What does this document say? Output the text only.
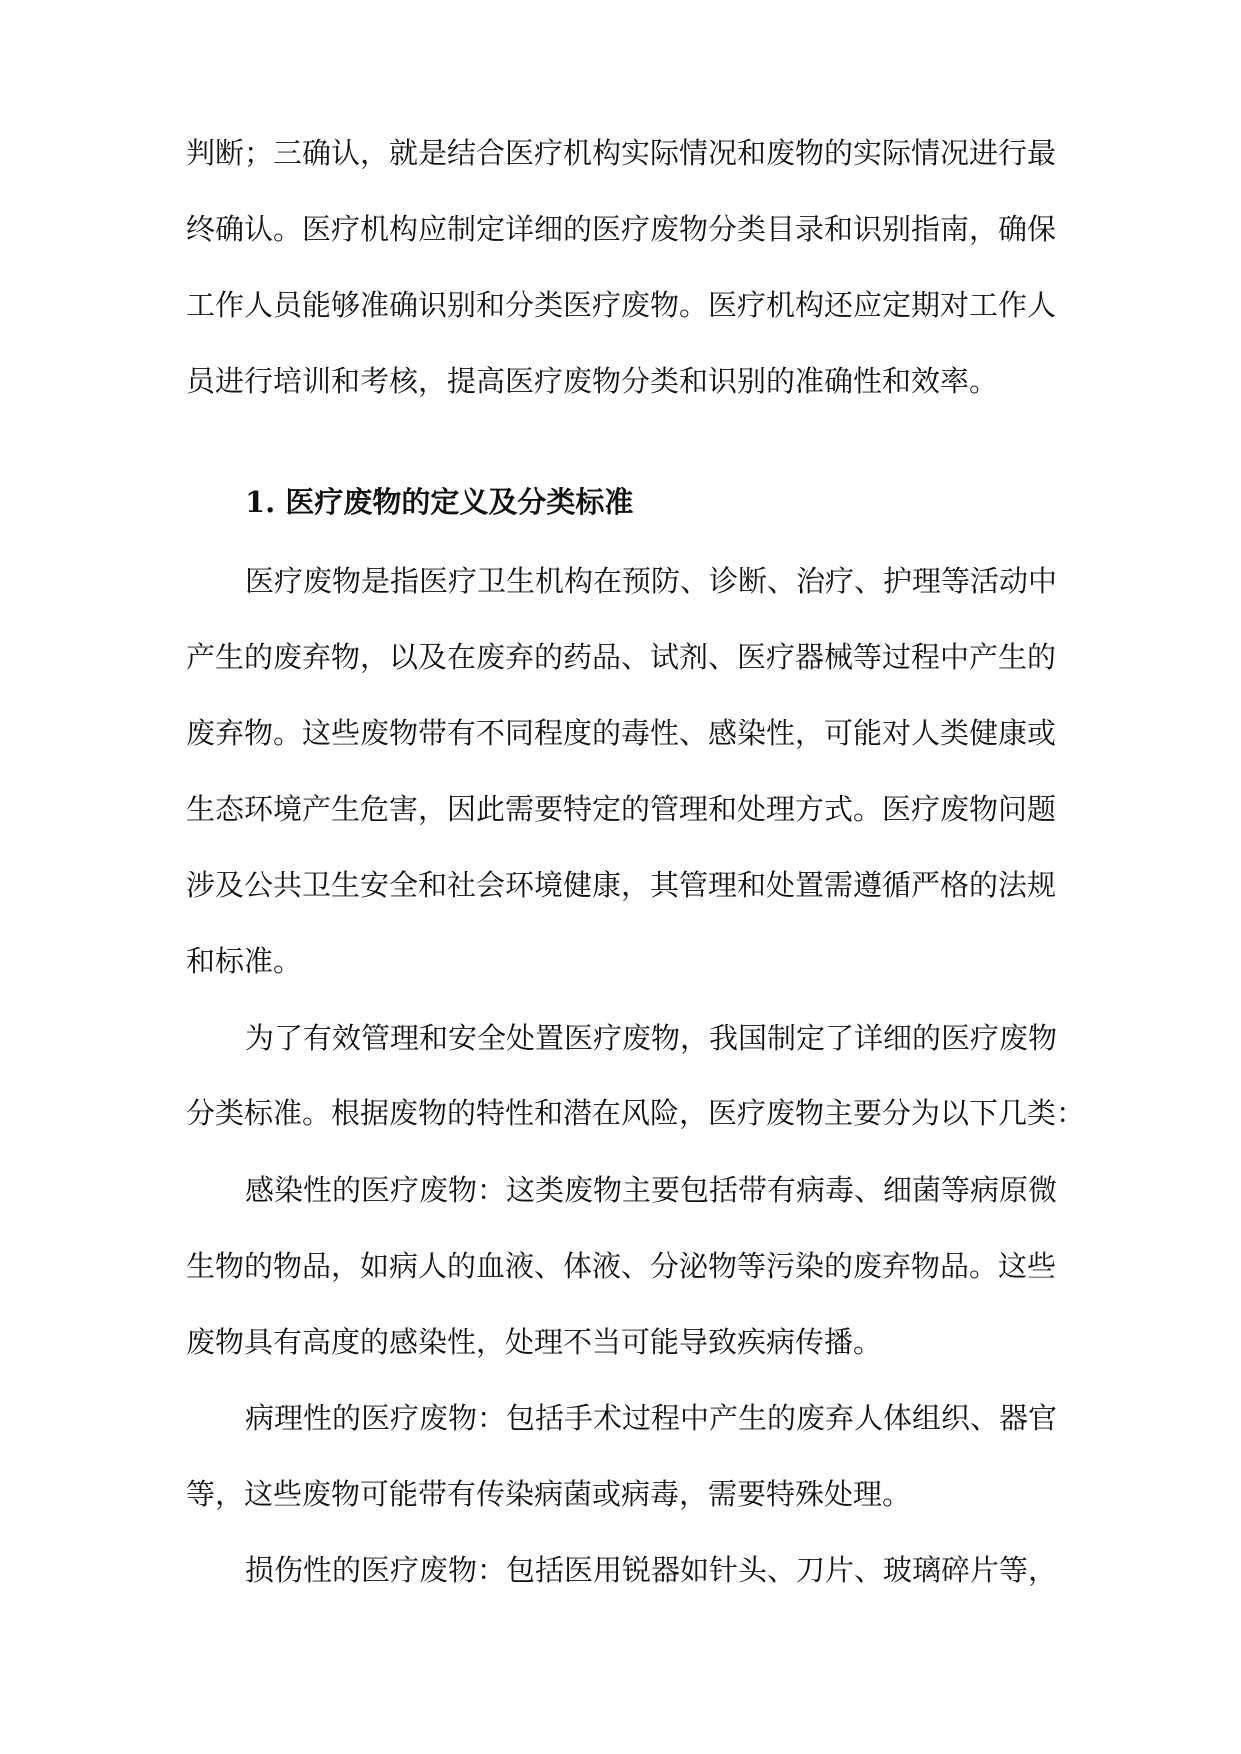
判断；三确认，就是结合医疗机构实际情况和废物的实际情况进行最
终确认。医疗机构应制定详细的医疗废物分类目录和识别指南，确保
工作人员能够准确识别和分类医疗废物。医疗机构还应定期对工作人
员进行培训和考核，提高医疗废物分类和识别的准确性和效率。
1. 医疗废物的定义及分类标准
医疗废物是指医疗卫生机构在预防、诊断、治疗、护理等活动中
产生的废弃物，以及在废弃的药品、试剂、医疗器械等过程中产生的
废弃物。这些废物带有不同程度的毒性、感染性，可能对人类健康或
生态环境产生危害，因此需要特定的管理和处理方式。医疗废物问题
涉及公共卫生安全和社会环境健康，其管理和处置需遵循严格的法规
和标准。
为了有效管理和安全处置医疗废物，我国制定了详细的医疗废物
分类标准。根据废物的特性和潜在风险，医疗废物主要分为以下几类：
感染性的医疗废物：这类废物主要包括带有病毒、细菌等病原微
生物的物品，如病人的血液、体液、分泌物等污染的废弃物品。这些
废物具有高度的感染性，处理不当可能导致疾病传播。
病理性的医疗废物：包括手术过程中产生的废弃人体组织、器官
等，这些废物可能带有传染病菌或病毒，需要特殊处理。
损伤性的医疗废物：包括医用锐器如针头、刀片、玻璃碎片等，
